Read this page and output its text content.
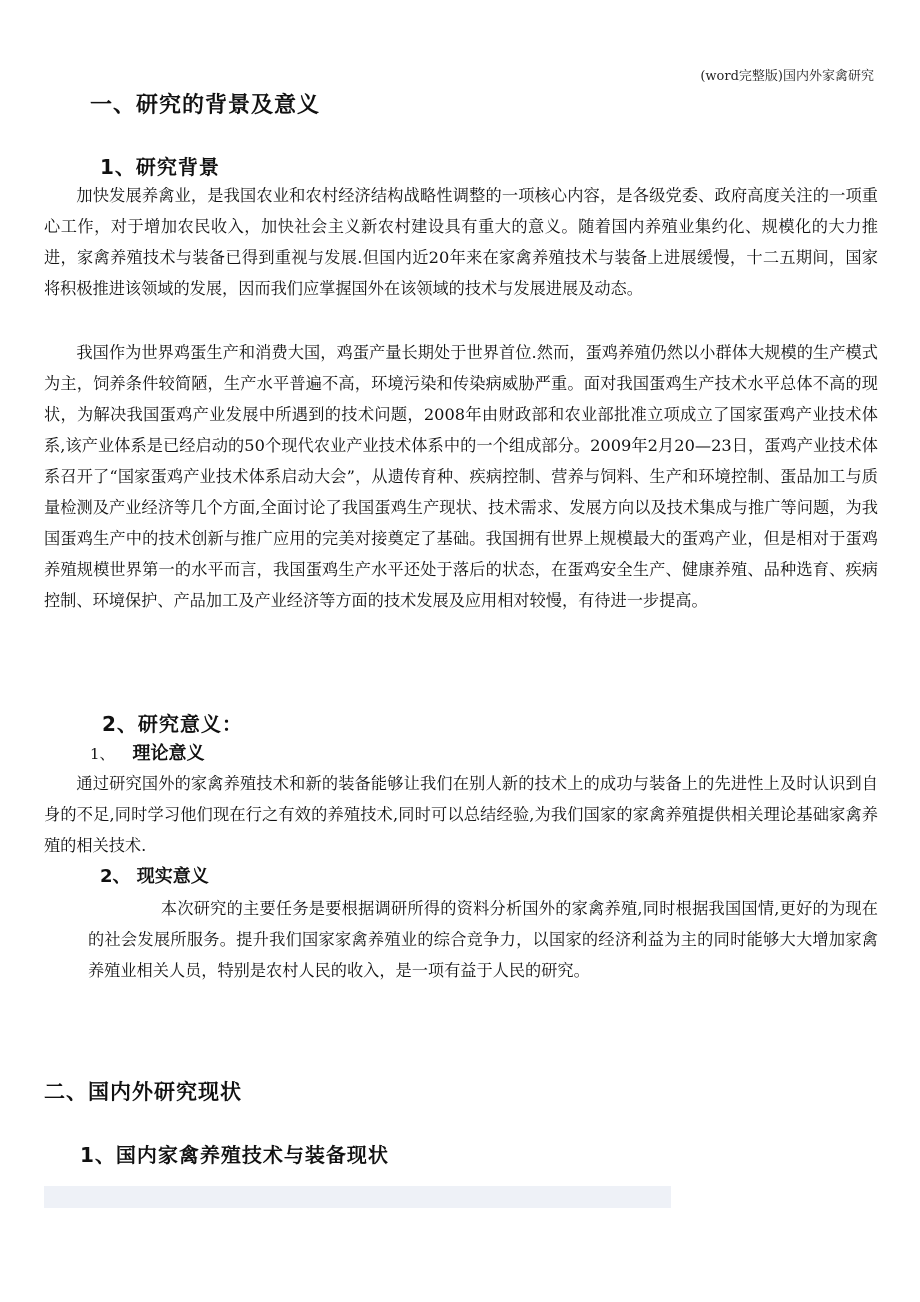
(word完整版)国内外家禽研究
一、研究的背景及意义
1、研究背景

加快发展养禽业，是我国农业和农村经济结构战略性调整的一项核心内容，是各级党委、政府高度关注的一项重心工作，对于增加农民收入，加快社会主义新农村建设具有重大的意义。随着国内养殖业集约化、规模化的大力推进，家禽养殖技术与装备已得到重视与发展.但国内近20年来在家禽养殖技术与装备上进展缓慢，十二五期间，国家将积极推进该领域的发展，因而我们应掌握国外在该领域的技术与发展进展及动态。

我国作为世界鸡蛋生产和消费大国，鸡蛋产量长期处于世界首位.然而，蛋鸡养殖仍然以小群体大规模的生产模式为主，饲养条件较简陋，生产水平普遍不高，环境污染和传染病威胁严重。面对我国蛋鸡生产技术水平总体不高的现状，为解决我国蛋鸡产业发展中所遇到的技术问题，2008年由财政部和农业部批准立项成立了国家蛋鸡产业技术体系,该产业体系是已经启动的50个现代农业产业技术体系中的一个组成部分。2009年2月20—23日，蛋鸡产业技术体系召开了“国家蛋鸡产业技术体系启动大会”，从遗传育种、疾病控制、营养与饲料、生产和环境控制、蛋品加工与质量检测及产业经济等几个方面,全面讨论了我国蛋鸡生产现状、技术需求、发展方向以及技术集成与推广等问题，为我国蛋鸡生产中的技术创新与推广应用的完美对接奠定了基础。我国拥有世界上规模最大的蛋鸡产业，但是相对于蛋鸡养殖规模世界第一的水平而言，我国蛋鸡生产水平还处于落后的状态，在蛋鸡安全生产、健康养殖、品种选育、疾病控制、环境保护、产品加工及产业经济等方面的技术发展及应用相对较慢，有待进一步提高。

2、研究意义：
1、 理论意义

通过研究国外的家禽养殖技术和新的装备能够让我们在别人新的技术上的成功与装备上的先进性上及时认识到自身的不足,同时学习他们现在行之有效的养殖技术,同时可以总结经验,为我们国家的家禽养殖提供相关理论基础家禽养殖的相关技术.

2、 现实意义

本次研究的主要任务是要根据调研所得的资料分析国外的家禽养殖,同时根据我国国情,更好的为现在的社会发展所服务。提升我们国家家禽养殖业的综合竞争力，以国家的经济利益为主的同时能够大大增加家禽养殖业相关人员，特别是农村人民的收入，是一项有益于人民的研究。

二、国内外研究现状
1、国内家禽养殖技术与装备现状
